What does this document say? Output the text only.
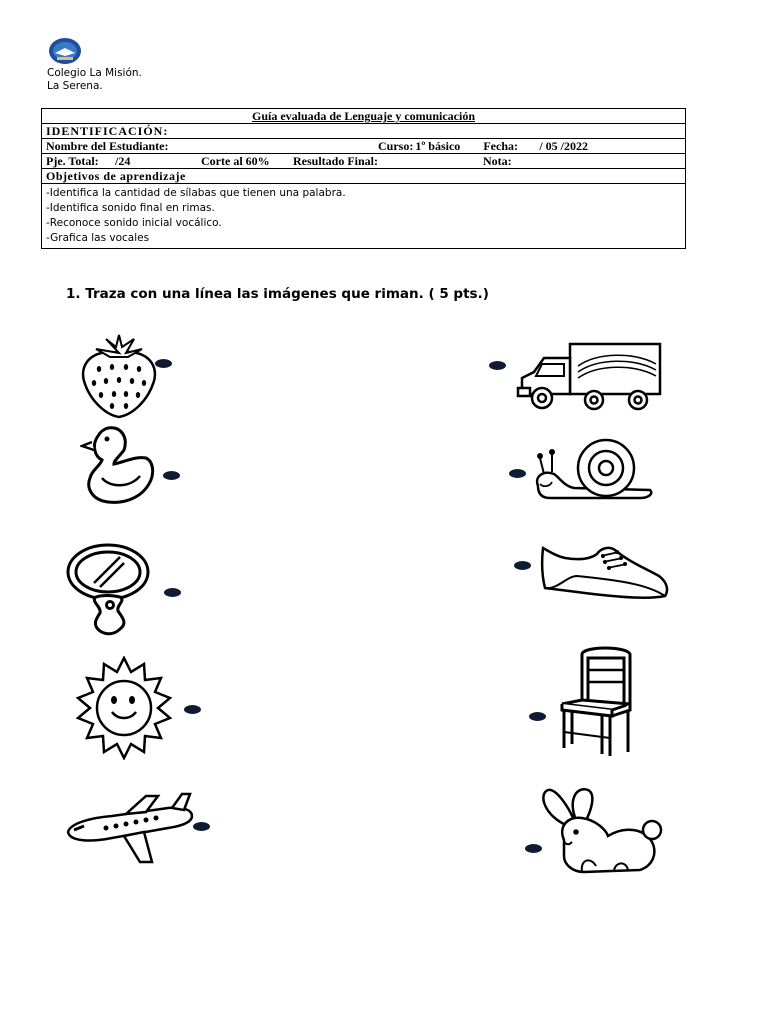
Colegio La Misión.
La Serena.
Guía evaluada de Lenguaje y comunicación
IDENTIFICACIÓN:

Nombre del Estudiante:	Curso: 1º básico	Fecha:	/ 05 /2022

Pje. Total:	/24	Corte al 60%	Resultado Final:	Nota:

Objetivos de aprendizaje

-Identifica la cantidad de sílabas que tienen una palabra.
-Identifica sonido final en rimas.
-Reconoce sonido inicial vocálico.
-Grafica las vocales
1. Traza con una línea las imágenes que riman. ( 5 pts.)
